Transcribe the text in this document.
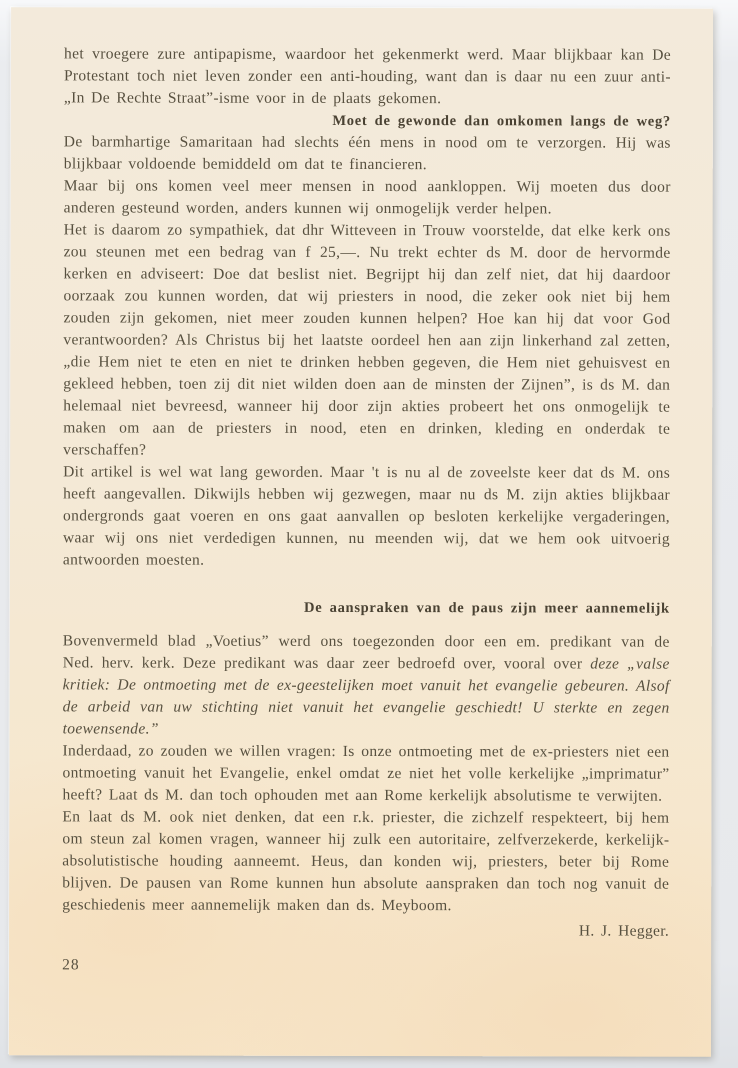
het vroegere zure antipapisme, waardoor het gekenmerkt werd. Maar blijkbaar kan De Protestant toch niet leven zonder een anti-houding, want dan is daar nu een zuur anti-„In De Rechte Straat”-isme voor in de plaats gekomen.

Moet de gewonde dan omkomen langs de weg?

De barmhartige Samaritaan had slechts één mens in nood om te verzorgen. Hij was blijkbaar voldoende bemiddeld om dat te financieren.

Maar bij ons komen veel meer mensen in nood aankloppen. Wij moeten dus door anderen gesteund worden, anders kunnen wij onmogelijk verder helpen.

Het is daarom zo sympathiek, dat dhr Witteveen in Trouw voorstelde, dat elke kerk ons zou steunen met een bedrag van f 25,—. Nu trekt echter ds M. door de hervormde kerken en adviseert: Doe dat beslist niet. Begrijpt hij dan zelf niet, dat hij daardoor oorzaak zou kunnen worden, dat wij priesters in nood, die zeker ook niet bij hem zouden zijn gekomen, niet meer zouden kunnen helpen? Hoe kan hij dat voor God verantwoorden? Als Christus bij het laatste oordeel hen aan zijn linkerhand zal zetten, „die Hem niet te eten en niet te drinken hebben gegeven, die Hem niet gehuisvest en gekleed hebben, toen zij dit niet wilden doen aan de minsten der Zijnen”, is ds M. dan helemaal niet bevreesd, wanneer hij door zijn akties probeert het ons onmogelijk te maken om aan de priesters in nood, eten en drinken, kleding en onderdak te verschaffen?

Dit artikel is wel wat lang geworden. Maar 't is nu al de zoveelste keer dat ds M. ons heeft aangevallen. Dikwijls hebben wij gezwegen, maar nu ds M. zijn akties blijkbaar ondergronds gaat voeren en ons gaat aanvallen op besloten kerkelijke vergaderingen, waar wij ons niet verdedigen kunnen, nu meenden wij, dat we hem ook uitvoerig antwoorden moesten.

De aanspraken van de paus zijn meer aannemelijk

Bovenvermeld blad „Voetius” werd ons toegezonden door een em. predikant van de Ned. herv. kerk. Deze predikant was daar zeer bedroefd over, vooral over deze „valse kritiek: De ontmoeting met de ex-geestelijken moet vanuit het evangelie gebeuren. Alsof de arbeid van uw stichting niet vanuit het evangelie geschiedt! U sterkte en zegen toewensende.”

Inderdaad, zo zouden we willen vragen: Is onze ontmoeting met de ex-priesters niet een ontmoeting vanuit het Evangelie, enkel omdat ze niet het volle kerkelijke „imprimatur” heeft? Laat ds M. dan toch ophouden met aan Rome kerkelijk absolutisme te verwijten.

En laat ds M. ook niet denken, dat een r.k. priester, die zichzelf respekteert, bij hem om steun zal komen vragen, wanneer hij zulk een autoritaire, zelfverzekerde, kerkelijk-absolutistische houding aanneemt. Heus, dan konden wij, priesters, beter bij Rome blijven. De pausen van Rome kunnen hun absolute aanspraken dan toch nog vanuit de geschiedenis meer aannemelijk maken dan ds. Meyboom.

H. J. Hegger.

28
